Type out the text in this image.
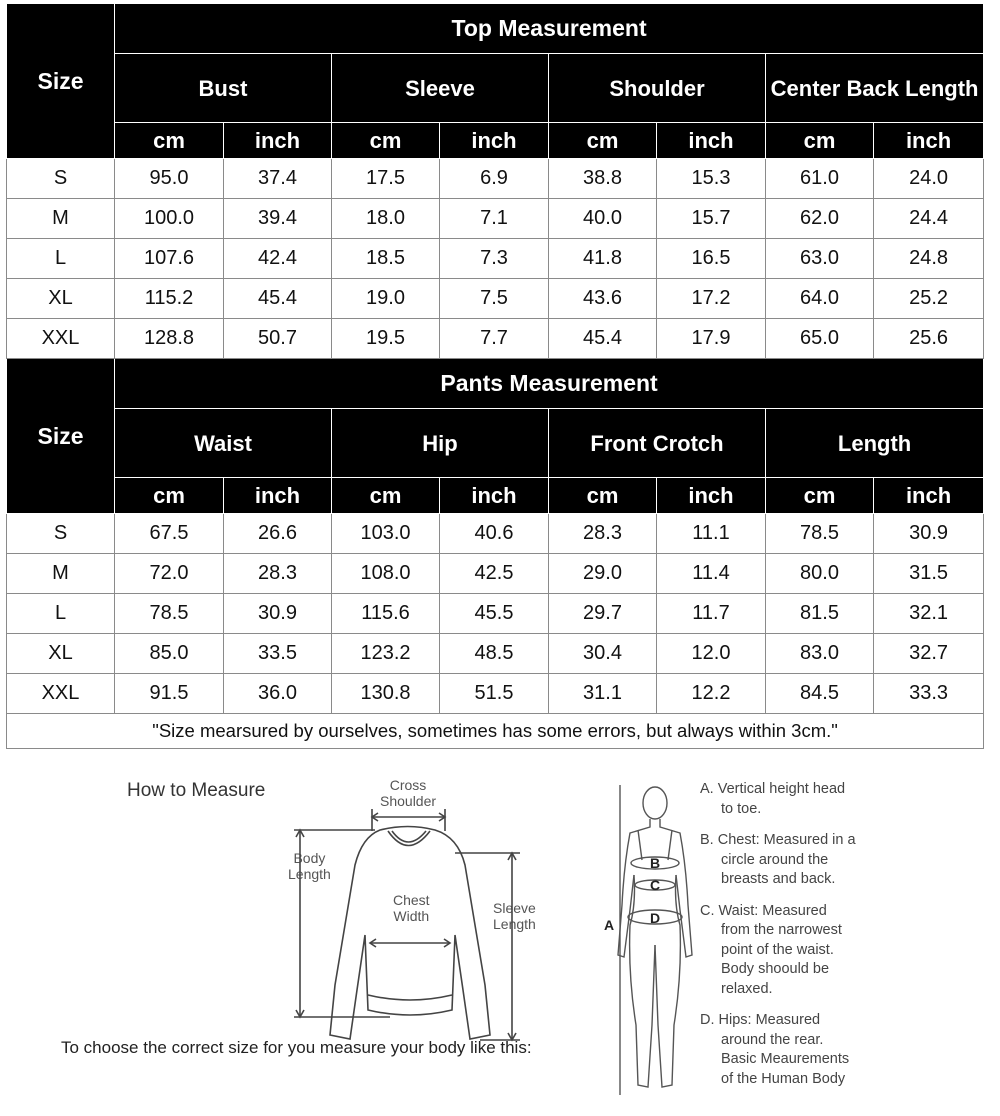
Size	Top Measurement							
	Bust		Sleeve		Shoulder		Center Back Length	
	cm	inch	cm	inch	cm	inch	cm	inch
S	95.0	37.4	17.5	6.9	38.8	15.3	61.0	24.0
M	100.0	39.4	18.0	7.1	40.0	15.7	62.0	24.4
L	107.6	42.4	18.5	7.3	41.8	16.5	63.0	24.8
XL	115.2	45.4	19.0	7.5	43.6	17.2	64.0	25.2
XXL	128.8	50.7	19.5	7.7	45.4	17.9	65.0	25.6
Size	Pants Measurement							
	Waist		Hip		Front Crotch		Length	
	cm	inch	cm	inch	cm	inch	cm	inch
S	67.5	26.6	103.0	40.6	28.3	11.1	78.5	30.9
M	72.0	28.3	108.0	42.5	29.0	11.4	80.0	31.5
L	78.5	30.9	115.6	45.5	29.7	11.7	81.5	32.1
XL	85.0	33.5	123.2	48.5	30.4	12.0	83.0	32.7
XXL	91.5	36.0	130.8	51.5	31.1	12.2	84.5	33.3
"Size mearsured by ourselves, sometimes has some errors, but always within 3cm."								
How to Measure	Cross
Shoulder
Body
Length
Chest
Width	Sleeve
Length
B
C
D
A

A. Vertical height head
to toe.

B. Chest: Measured in a
circle around the
breasts and back.

C. Waist: Measured
from the narrowest
point of the waist.
Body shoould be
relaxed.

D. Hips: Measured
around the rear.
Basic Meaurements
of the Human Body

To choose the correct size for you measure your body like this:
